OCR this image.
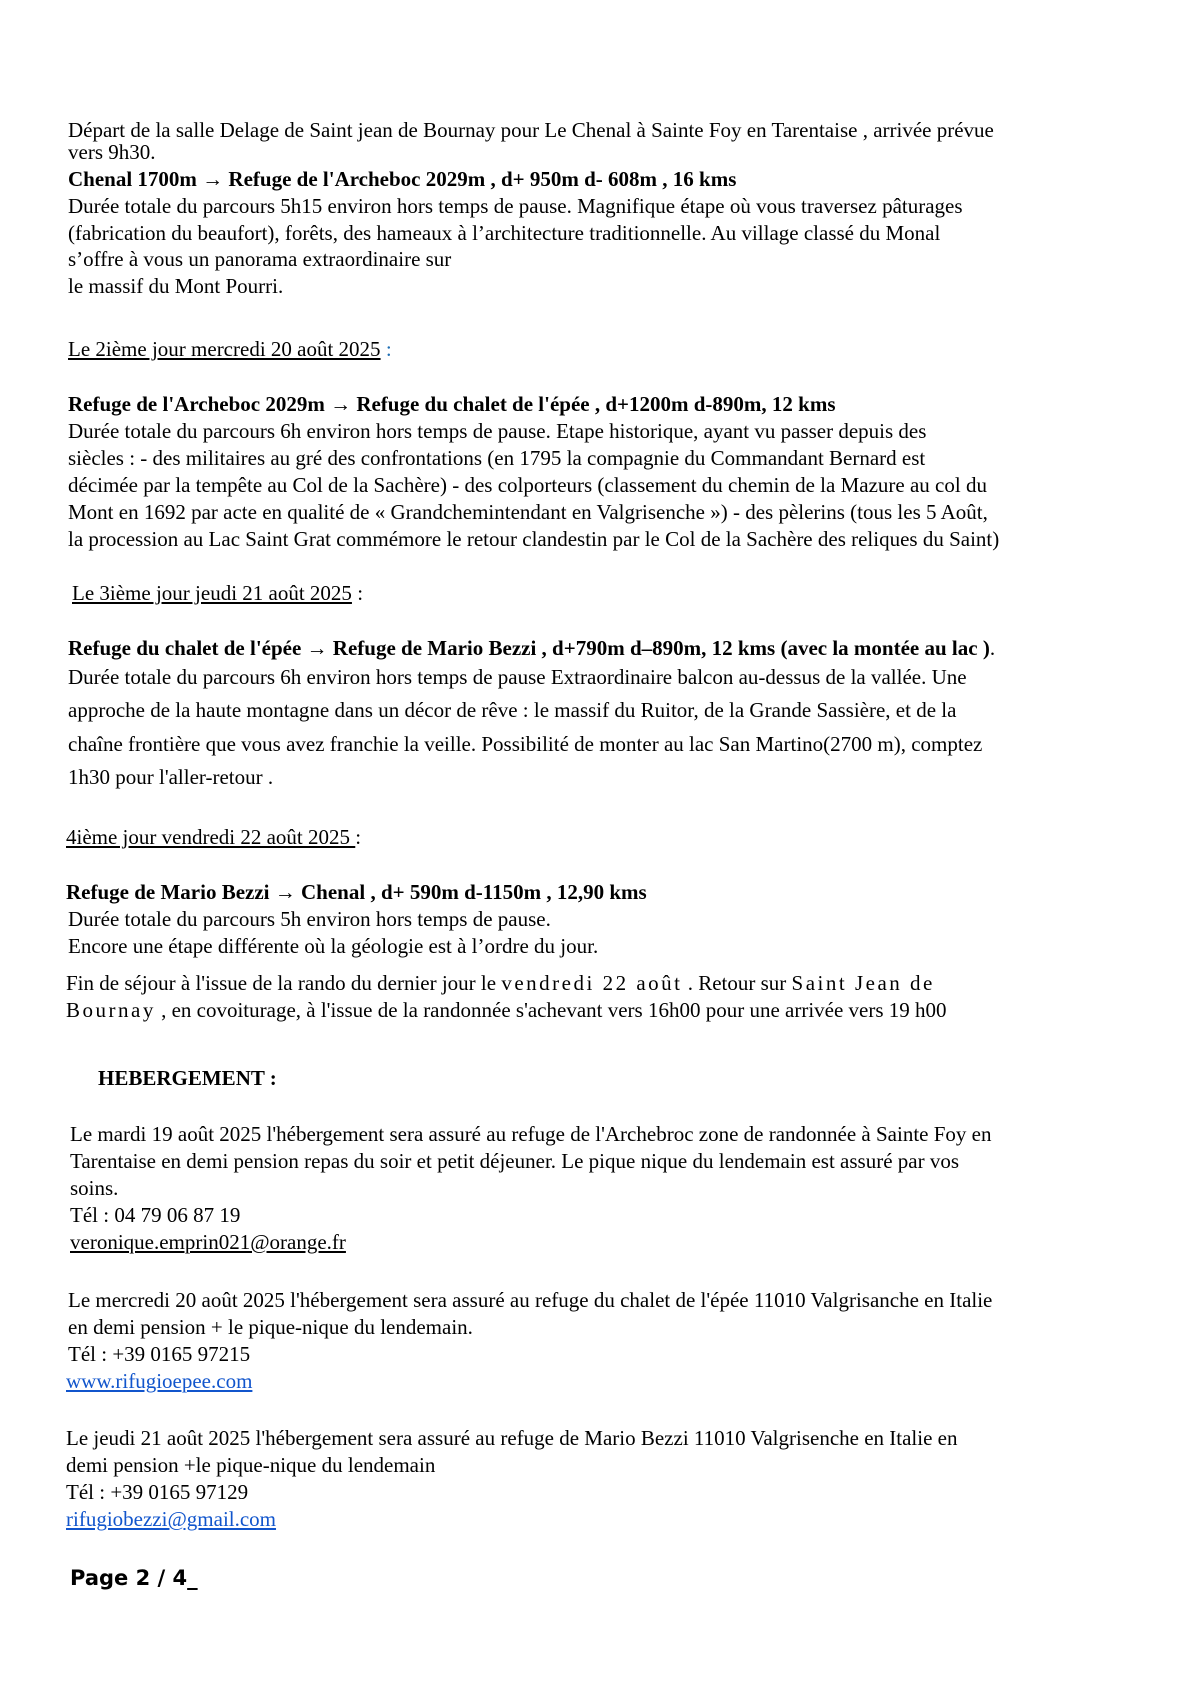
Départ de la salle Delage de Saint jean de Bournay pour Le Chenal à Sainte Foy en Tarentaise , arrivée prévue
vers 9h30.
Chenal 1700m → Refuge de l'Archeboc 2029m , d+ 950m d- 608m , 16 kms
Durée totale du parcours 5h15 environ hors temps de pause. Magnifique étape où vous traversez pâturages
(fabrication du beaufort), forêts, des hameaux à l’architecture traditionnelle. Au village classé du Monal
s’offre à vous un panorama extraordinaire sur
le massif du Mont Pourri.
Le 2ième jour mercredi 20 août 2025 :
Refuge de l'Archeboc 2029m → Refuge du chalet de l'épée , d+1200m d-890m, 12 kms
Durée totale du parcours 6h environ hors temps de pause. Etape historique, ayant vu passer depuis des
siècles : - des militaires au gré des confrontations (en 1795 la compagnie du Commandant Bernard est
décimée par la tempête au Col de la Sachère) - des colporteurs (classement du chemin de la Mazure au col du
Mont en 1692 par acte en qualité de « Grandchemintendant en Valgrisenche ») - des pèlerins (tous les 5 Août,
la procession au Lac Saint Grat commémore le retour clandestin par le Col de la Sachère des reliques du Saint)
Le 3ième jour jeudi 21 août 2025 :
Refuge du chalet de l'épée → Refuge de Mario Bezzi , d+790m d–890m, 12 kms (avec la montée au lac ).
Durée totale du parcours 6h environ hors temps de pause Extraordinaire balcon au-dessus de la vallée. Une
approche de la haute montagne dans un décor de rêve : le massif du Ruitor, de la Grande Sassière, et de la
chaîne frontière que vous avez franchie la veille. Possibilité de monter au lac San Martino(2700 m), comptez
1h30 pour l'aller-retour .
4ième jour vendredi 22 août 2025 :
Refuge de Mario Bezzi → Chenal , d+ 590m d-1150m , 12,90 kms
Durée totale du parcours 5h environ hors temps de pause.
Encore une étape différente où la géologie est à l’ordre du jour.
Fin de séjour à l'issue de la rando du dernier jour le vendredi 22 août . Retour sur Saint Jean de
Bournay , en covoiturage, à l'issue de la randonnée s'achevant vers 16h00 pour une arrivée vers 19 h00
HEBERGEMENT :
Le mardi 19 août 2025 l'hébergement sera assuré au refuge de l'Archebroc zone de randonnée à Sainte Foy en
Tarentaise en demi pension repas du soir et petit déjeuner. Le pique nique du lendemain est assuré par vos
soins.
Tél : 04 79 06 87 19
veronique.emprin021@orange.fr
Le mercredi 20 août 2025 l'hébergement sera assuré au refuge du chalet de l'épée 11010 Valgrisanche en Italie
en demi pension + le pique-nique du lendemain.
Tél : +39 0165 97215
www.rifugioepee.com
Le jeudi 21 août 2025 l'hébergement sera assuré au refuge de Mario Bezzi 11010 Valgrisenche en Italie en
demi pension +le pique-nique du lendemain
Tél : +39 0165 97129
rifugiobezzi@gmail.com
Page 2 / 4_
